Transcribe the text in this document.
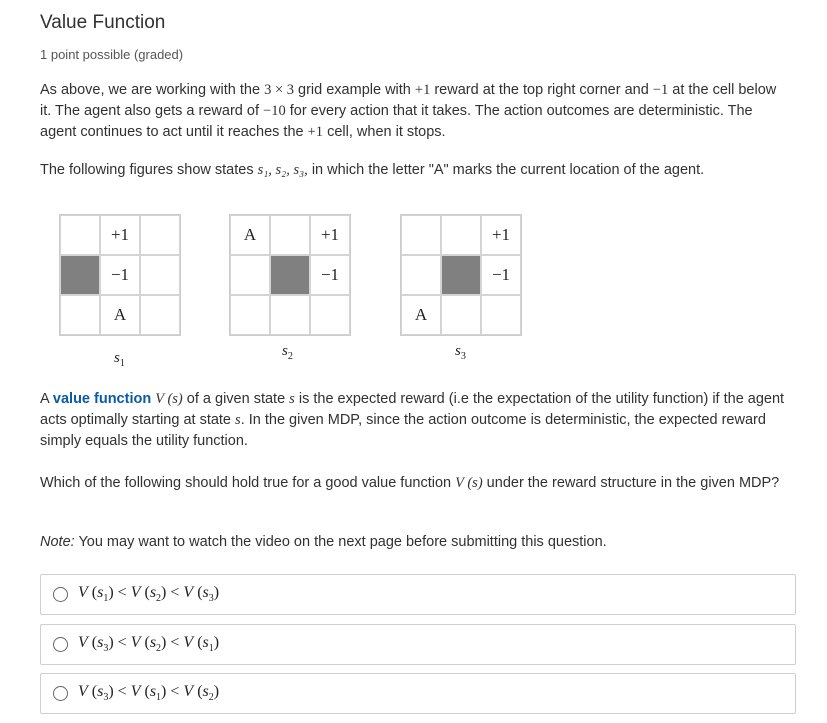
Value Function
1 point possible (graded)
As above, we are working with the 3 × 3 grid example with +1 reward at the top right corner and −1 at the cell below it. The agent also gets a reward of −10 for every action that it takes. The action outcomes are deterministic. The agent continues to act until it reaches the +1 cell, when it stops.
The following figures show states s₁, s₂, s₃, in which the letter "A" marks the current location of the agent.
+1
−1
A
A	+1
−1
+1
−1
A
$s_1$
$s_2$	$s_3$
A value function V (s) of a given state s is the expected reward (i.e the expectation of the utility function) if the agent acts optimally starting at state s. In the given MDP, since the action outcome is deterministic, the expected reward simply equals the utility function.
Which of the following should hold true for a good value function V (s) under the reward structure in the given MDP?
Note: You may want to watch the video on the next page before submitting this question.
V $(s_1) < V$ $(s_2) < V$ $(s_3)$
V $(s_3) < V$ $(s_2) < V$ $(s_1)$
V $(s_3) < V$ $(s_1) < V$ $(s_2)$
